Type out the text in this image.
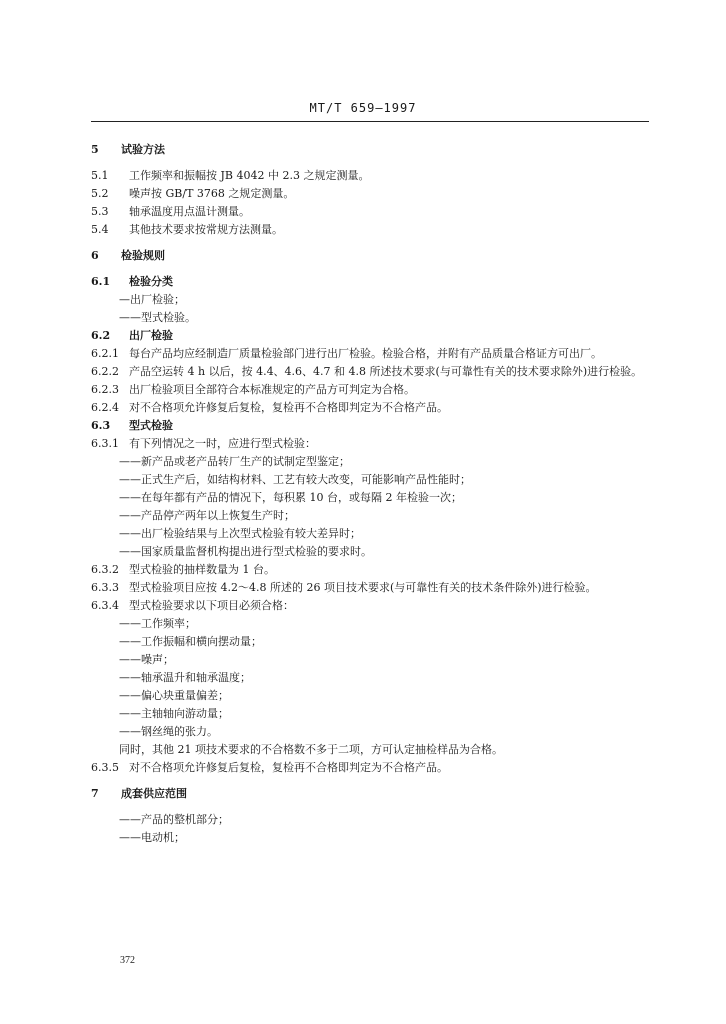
MT/T 659—1997
5 试验方法
5.1 工作频率和振幅按 JB 4042 中 2.3 之规定测量。
5.2 噪声按 GB/T 3768 之规定测量。
5.3 轴承温度用点温计测量。
5.4 其他技术要求按常规方法测量。
6 检验规则
6.1 检验分类
—出厂检验；
——型式检验。
6.2 出厂检验
6.2.1 每台产品均应经制造厂质量检验部门进行出厂检验。检验合格，并附有产品质量合格证方可出厂。
6.2.2 产品空运转 4 h 以后，按 4.4、4.6、4.7 和 4.8 所述技术要求(与可靠性有关的技术要求除外)进行检验。
6.2.3 出厂检验项目全部符合本标准规定的产品方可判定为合格。
6.2.4 对不合格项允许修复后复检，复检再不合格即判定为不合格产品。
6.3 型式检验
6.3.1 有下列情况之一时，应进行型式检验：
——新产品或老产品转厂生产的试制定型鉴定；
——正式生产后，如结构材料、工艺有较大改变，可能影响产品性能时；
——在每年都有产品的情况下，每积累 10 台，或每隔 2 年检验一次；
——产品停产两年以上恢复生产时；
——出厂检验结果与上次型式检验有较大差异时；
——国家质量监督机构提出进行型式检验的要求时。
6.3.2 型式检验的抽样数量为 1 台。
6.3.3 型式检验项目应按 4.2～4.8 所述的 26 项目技术要求(与可靠性有关的技术条件除外)进行检验。
6.3.4 型式检验要求以下项目必须合格：
——工作频率；
——工作振幅和横向摆动量；
——噪声；
——轴承温升和轴承温度；
——偏心块重量偏差；
——主轴轴向游动量；
——钢丝绳的张力。
同时，其他 21 项技术要求的不合格数不多于二项，方可认定抽检样品为合格。
6.3.5 对不合格项允许修复后复检，复检再不合格即判定为不合格产品。
7 成套供应范围
——产品的整机部分；
——电动机；
372
